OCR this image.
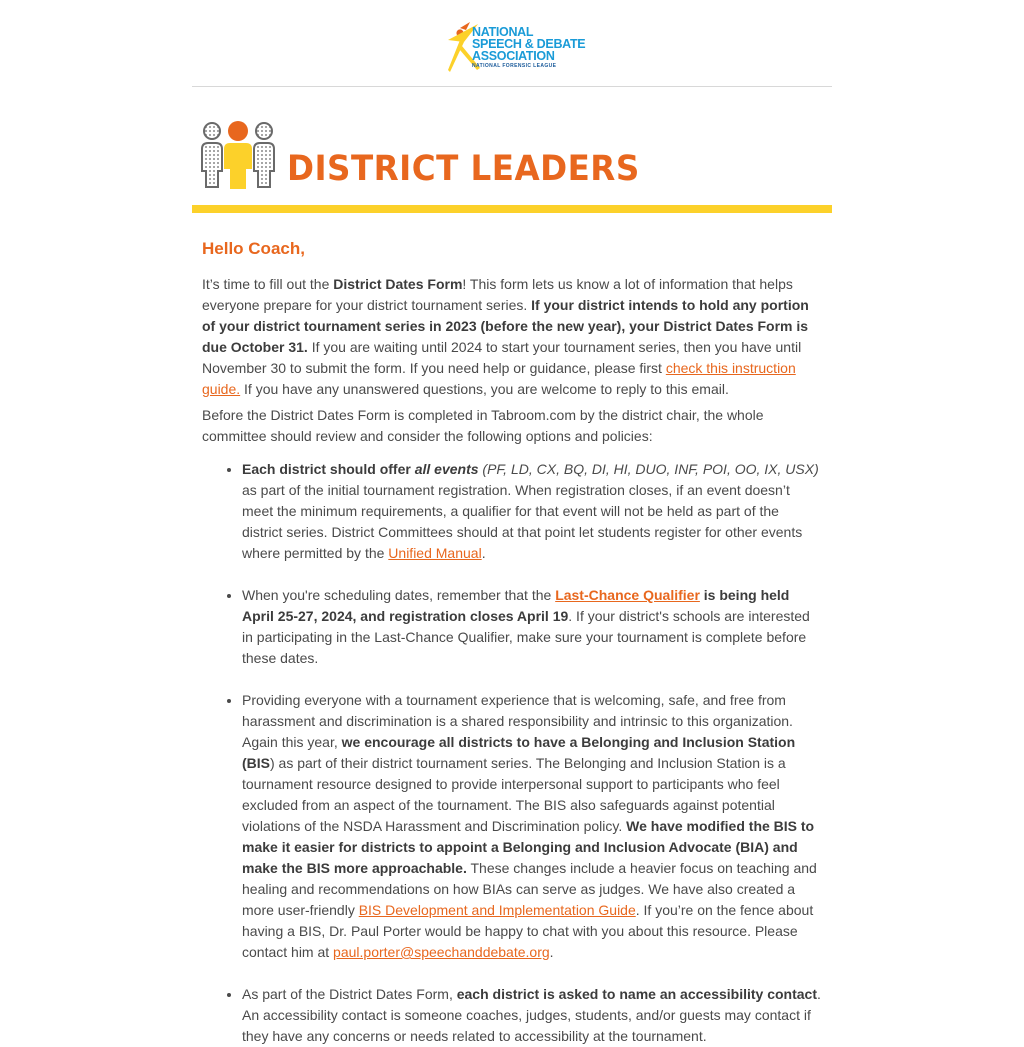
NATIONAL
SPEECH & DEBATE
ASSOCIATION
NATIONAL FORENSIC LEAGUE
DISTRICT LEADERS
Hello Coach,

It’s time to fill out the District Dates Form! This form lets us know a lot of information that helps everyone prepare for your district tournament series. If your district intends to hold any portion of your district tournament series in 2023 (before the new year), your District Dates Form is due October 31. If you are waiting until 2024 to start your tournament series, then you have until November 30 to submit the form. If you need help or guidance, please first check this instruction guide. If you have any unanswered questions, you are welcome to reply to this email.

Before the District Dates Form is completed in Tabroom.com by the district chair, the whole committee should review and consider the following options and policies:

• Each district should offer all events (PF, LD, CX, BQ, DI, HI, DUO, INF, POI, OO, IX, USX) as part of the initial tournament registration. When registration closes, if an event doesn’t meet the minimum requirements, a qualifier for that event will not be held as part of the district series. District Committees should at that point let students register for other events where permitted by the Unified Manual.
• When you're scheduling dates, remember that the Last-Chance Qualifier is being held April 25-27, 2024, and registration closes April 19. If your district's schools are interested in participating in the Last-Chance Qualifier, make sure your tournament is complete before these dates.
• Providing everyone with a tournament experience that is welcoming, safe, and free from harassment and discrimination is a shared responsibility and intrinsic to this organization. Again this year, we encourage all districts to have a Belonging and Inclusion Station (BIS) as part of their district tournament series. The Belonging and Inclusion Station is a tournament resource designed to provide interpersonal support to participants who feel excluded from an aspect of the tournament. The BIS also safeguards against potential violations of the NSDA Harassment and Discrimination policy. We have modified the BIS to make it easier for districts to appoint a Belonging and Inclusion Advocate (BIA) and make the BIS more approachable. These changes include a heavier focus on teaching and healing and recommendations on how BIAs can serve as judges. We have also created a more user-friendly BIS Development and Implementation Guide. If you’re on the fence about having a BIS, Dr. Paul Porter would be happy to chat with you about this resource. Please contact him at paul.porter@speechanddebate.org.
• As part of the District Dates Form, each district is asked to name an accessibility contact. An accessibility contact is someone coaches, judges, students, and/or guests may contact if they have any concerns or needs related to accessibility at the tournament.
